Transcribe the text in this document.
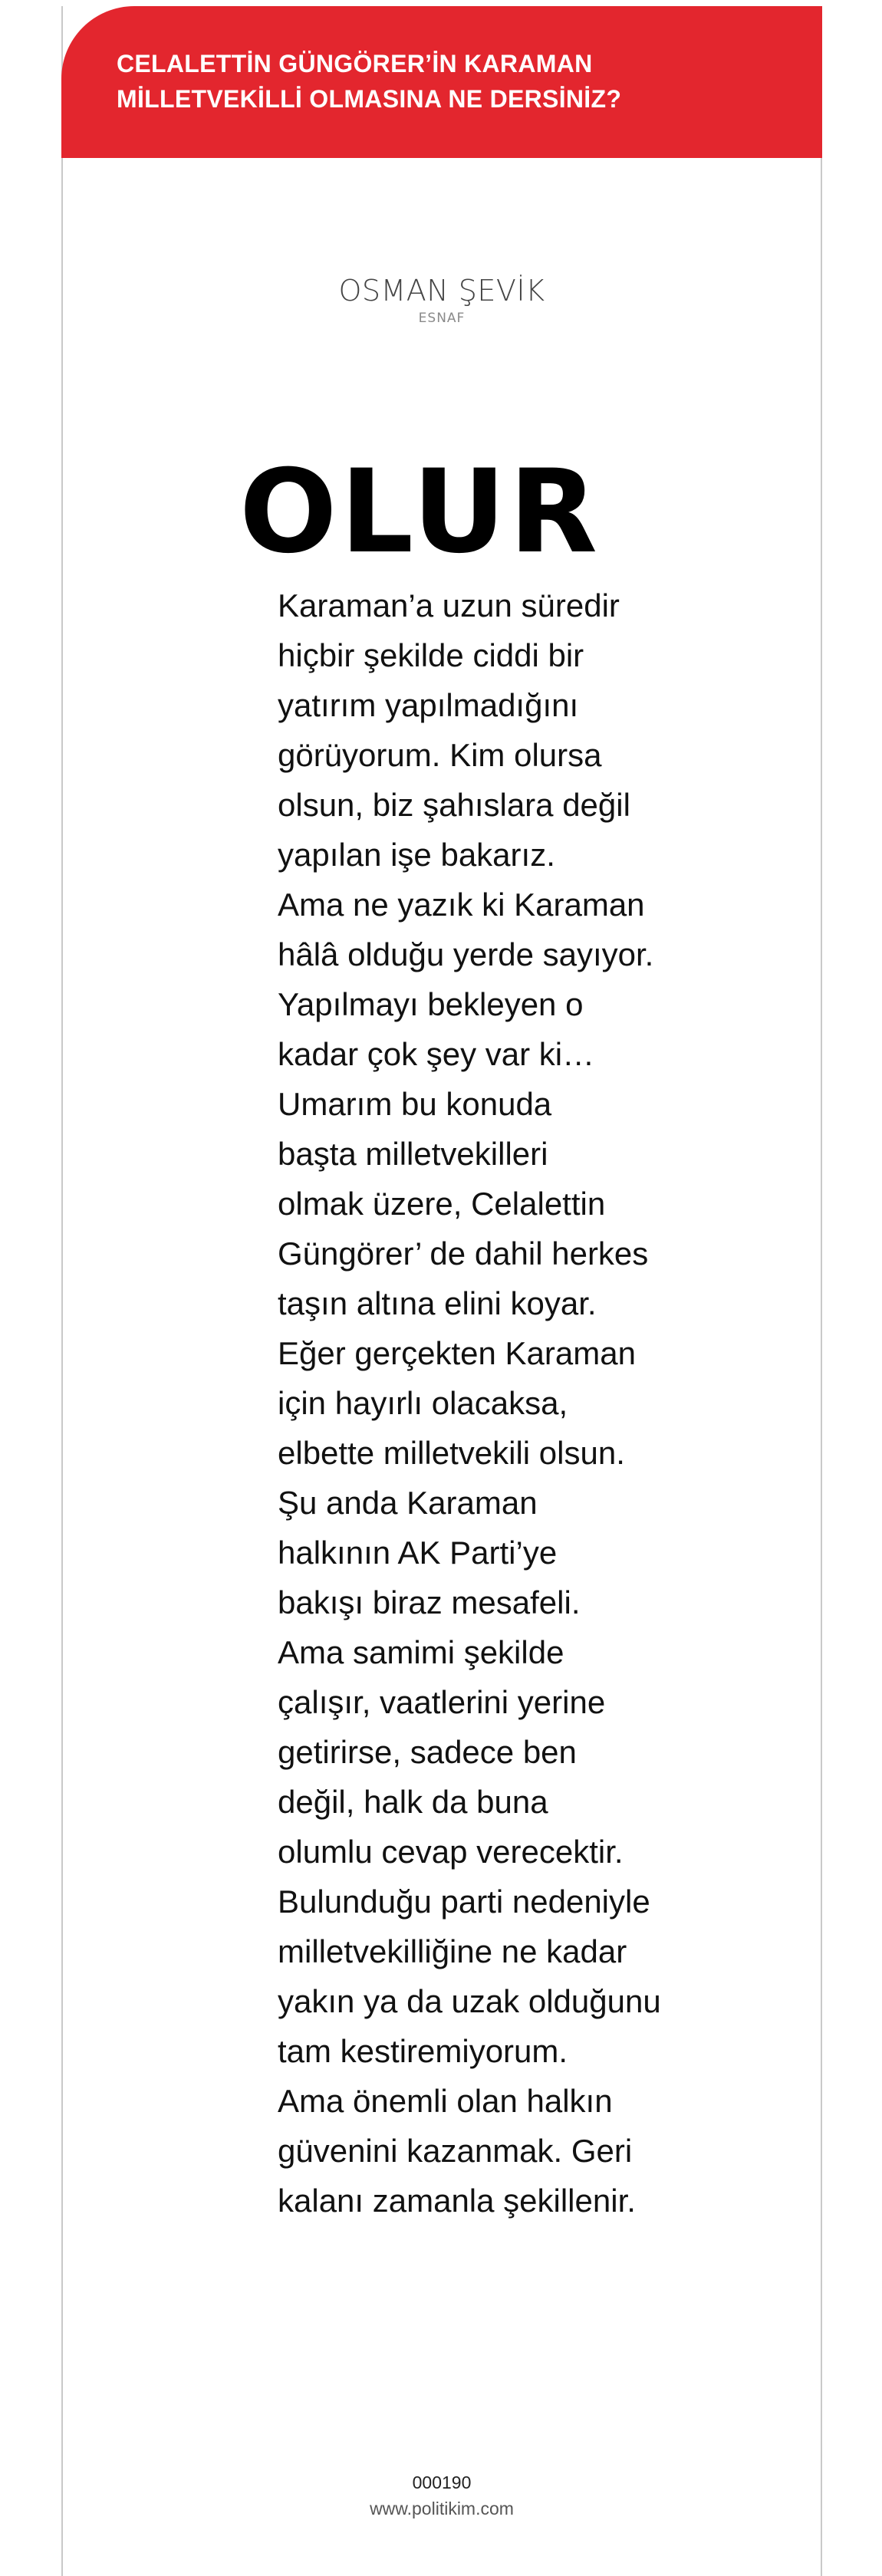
CELALETTİN GÜNGÖRER’İN KARAMAN
MİLLETVEKİLLİ OLMASINA NE DERSİNİZ?
OSMAN ŞEVİK
ESNAF
OLUR

Karaman’a uzun süredir
hiçbir şekilde ciddi bir
yatırım yapılmadığını
görüyorum. Kim olursa
olsun, biz şahıslara değil
yapılan işe bakarız.
Ama ne yazık ki Karaman
hâlâ olduğu yerde sayıyor.
Yapılmayı bekleyen o
kadar çok şey var ki…
Umarım bu konuda
başta milletvekilleri
olmak üzere, Celalettin
Güngörer’ de dahil herkes
taşın altına elini koyar.
Eğer gerçekten Karaman
için hayırlı olacaksa,
elbette milletvekili olsun.
Şu anda Karaman
halkının AK Parti’ye
bakışı biraz mesafeli.
Ama samimi şekilde
çalışır, vaatlerini yerine
getirirse, sadece ben
değil, halk da buna
olumlu cevap verecektir.
Bulunduğu parti nedeniyle
milletvekilliğine ne kadar
yakın ya da uzak olduğunu
tam kestiremiyorum.
Ama önemli olan halkın
güvenini kazanmak. Geri
kalanı zamanla şekillenir.

000190
www.politikim.com
